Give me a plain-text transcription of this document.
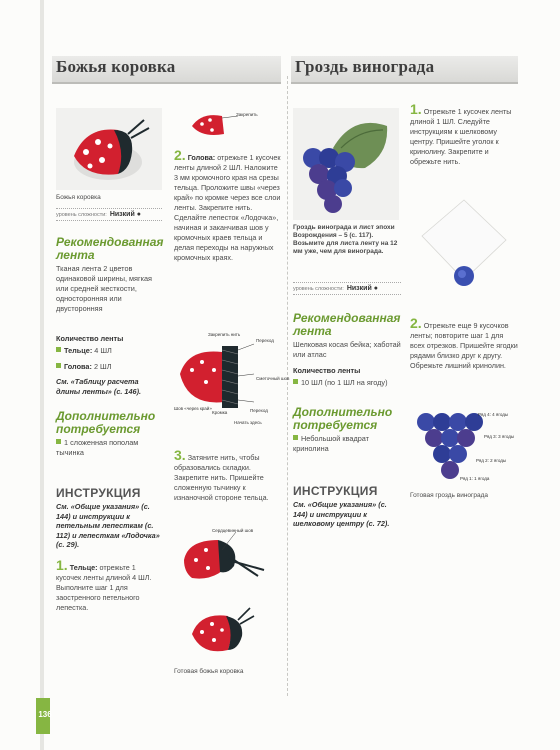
136
Божья коровка	Гроздь винограда
Божья коровка
уровень сложности: Низкий ●
Рекомендованная лента
Тканая лента 2 цветов одинаковой ширины, мягкая или средней жесткости, односторонняя или двусторонняя
Количество ленты
Тельце: 4 ШЛ
Голова: 2 ШЛ
См. «Таблицу расчета длины ленты» (с. 146).
Дополнительно потребуется
1 сложенная пополам тычинка
ИНСТРУКЦИЯ
См. «Общие указания» (с. 144) и инструкции к петельным лепесткам (с. 112) и лепесткам «Лодочка» (с. 29).
1. Тельце: отрежьте 1 кусочек ленты длиной 4 ШЛ. Выполните шаг 1 для заостренного петельного лепестка.
Закрепить
2. Голова: отрежьте 1 кусочек ленты длиной 2 ШЛ. Наложите 3 мм кромочного края на срезы тельца. Проложите швы «через край» по кромке через все слои ленты. Закрепите нить. Сделайте лепесток «Лодочка», начиная и заканчивая шов у кромочных краев тельца и делая переходы на наружных кромочных краях.
Закрепить нить
Переход
Сметочный шов
Шов «через край»
Кромка	Переход
Начать здесь
3. Затяните нить, чтобы образовались складки. Закрепите нить. Пришейте сложенную тычинку к изнаночной стороне тельца.
Сердцевинный шов
Готовая божья коровка
Гроздь винограда и лист эпохи Возрождения – 5 (с. 117). Возьмите для листа ленту на 12 мм уже, чем для винограда.
уровень сложности: Низкий ●
Рекомендованная лента
Шелковая косая бейка; хаботай или атлас
Количество ленты
10 ШЛ (по 1 ШЛ на ягоду)
Дополнительно потребуется
Небольшой квадрат кринолина
ИНСТРУКЦИЯ
См. «Общие указания» (с. 144) и инструкции к шелковому центру (с. 72).
1. Отрежьте 1 кусочек ленты длиной 1 ШЛ. Следуйте инструкциям к шелковому центру. Пришейте уголок к кринолину. Закрепите и обрежьте нить.
2. Отрежьте еще 9 кусочков ленты; повторите шаг 1 для всех отрезков. Пришейте ягодки рядами близко друг к другу. Обрежьте лишний кринолин.
Ряд 4: 4 ягоды
Ряд 3: 3 ягоды
Ряд 2: 2 ягоды
Ряд 1: 1 ягода
Готовая гроздь винограда
